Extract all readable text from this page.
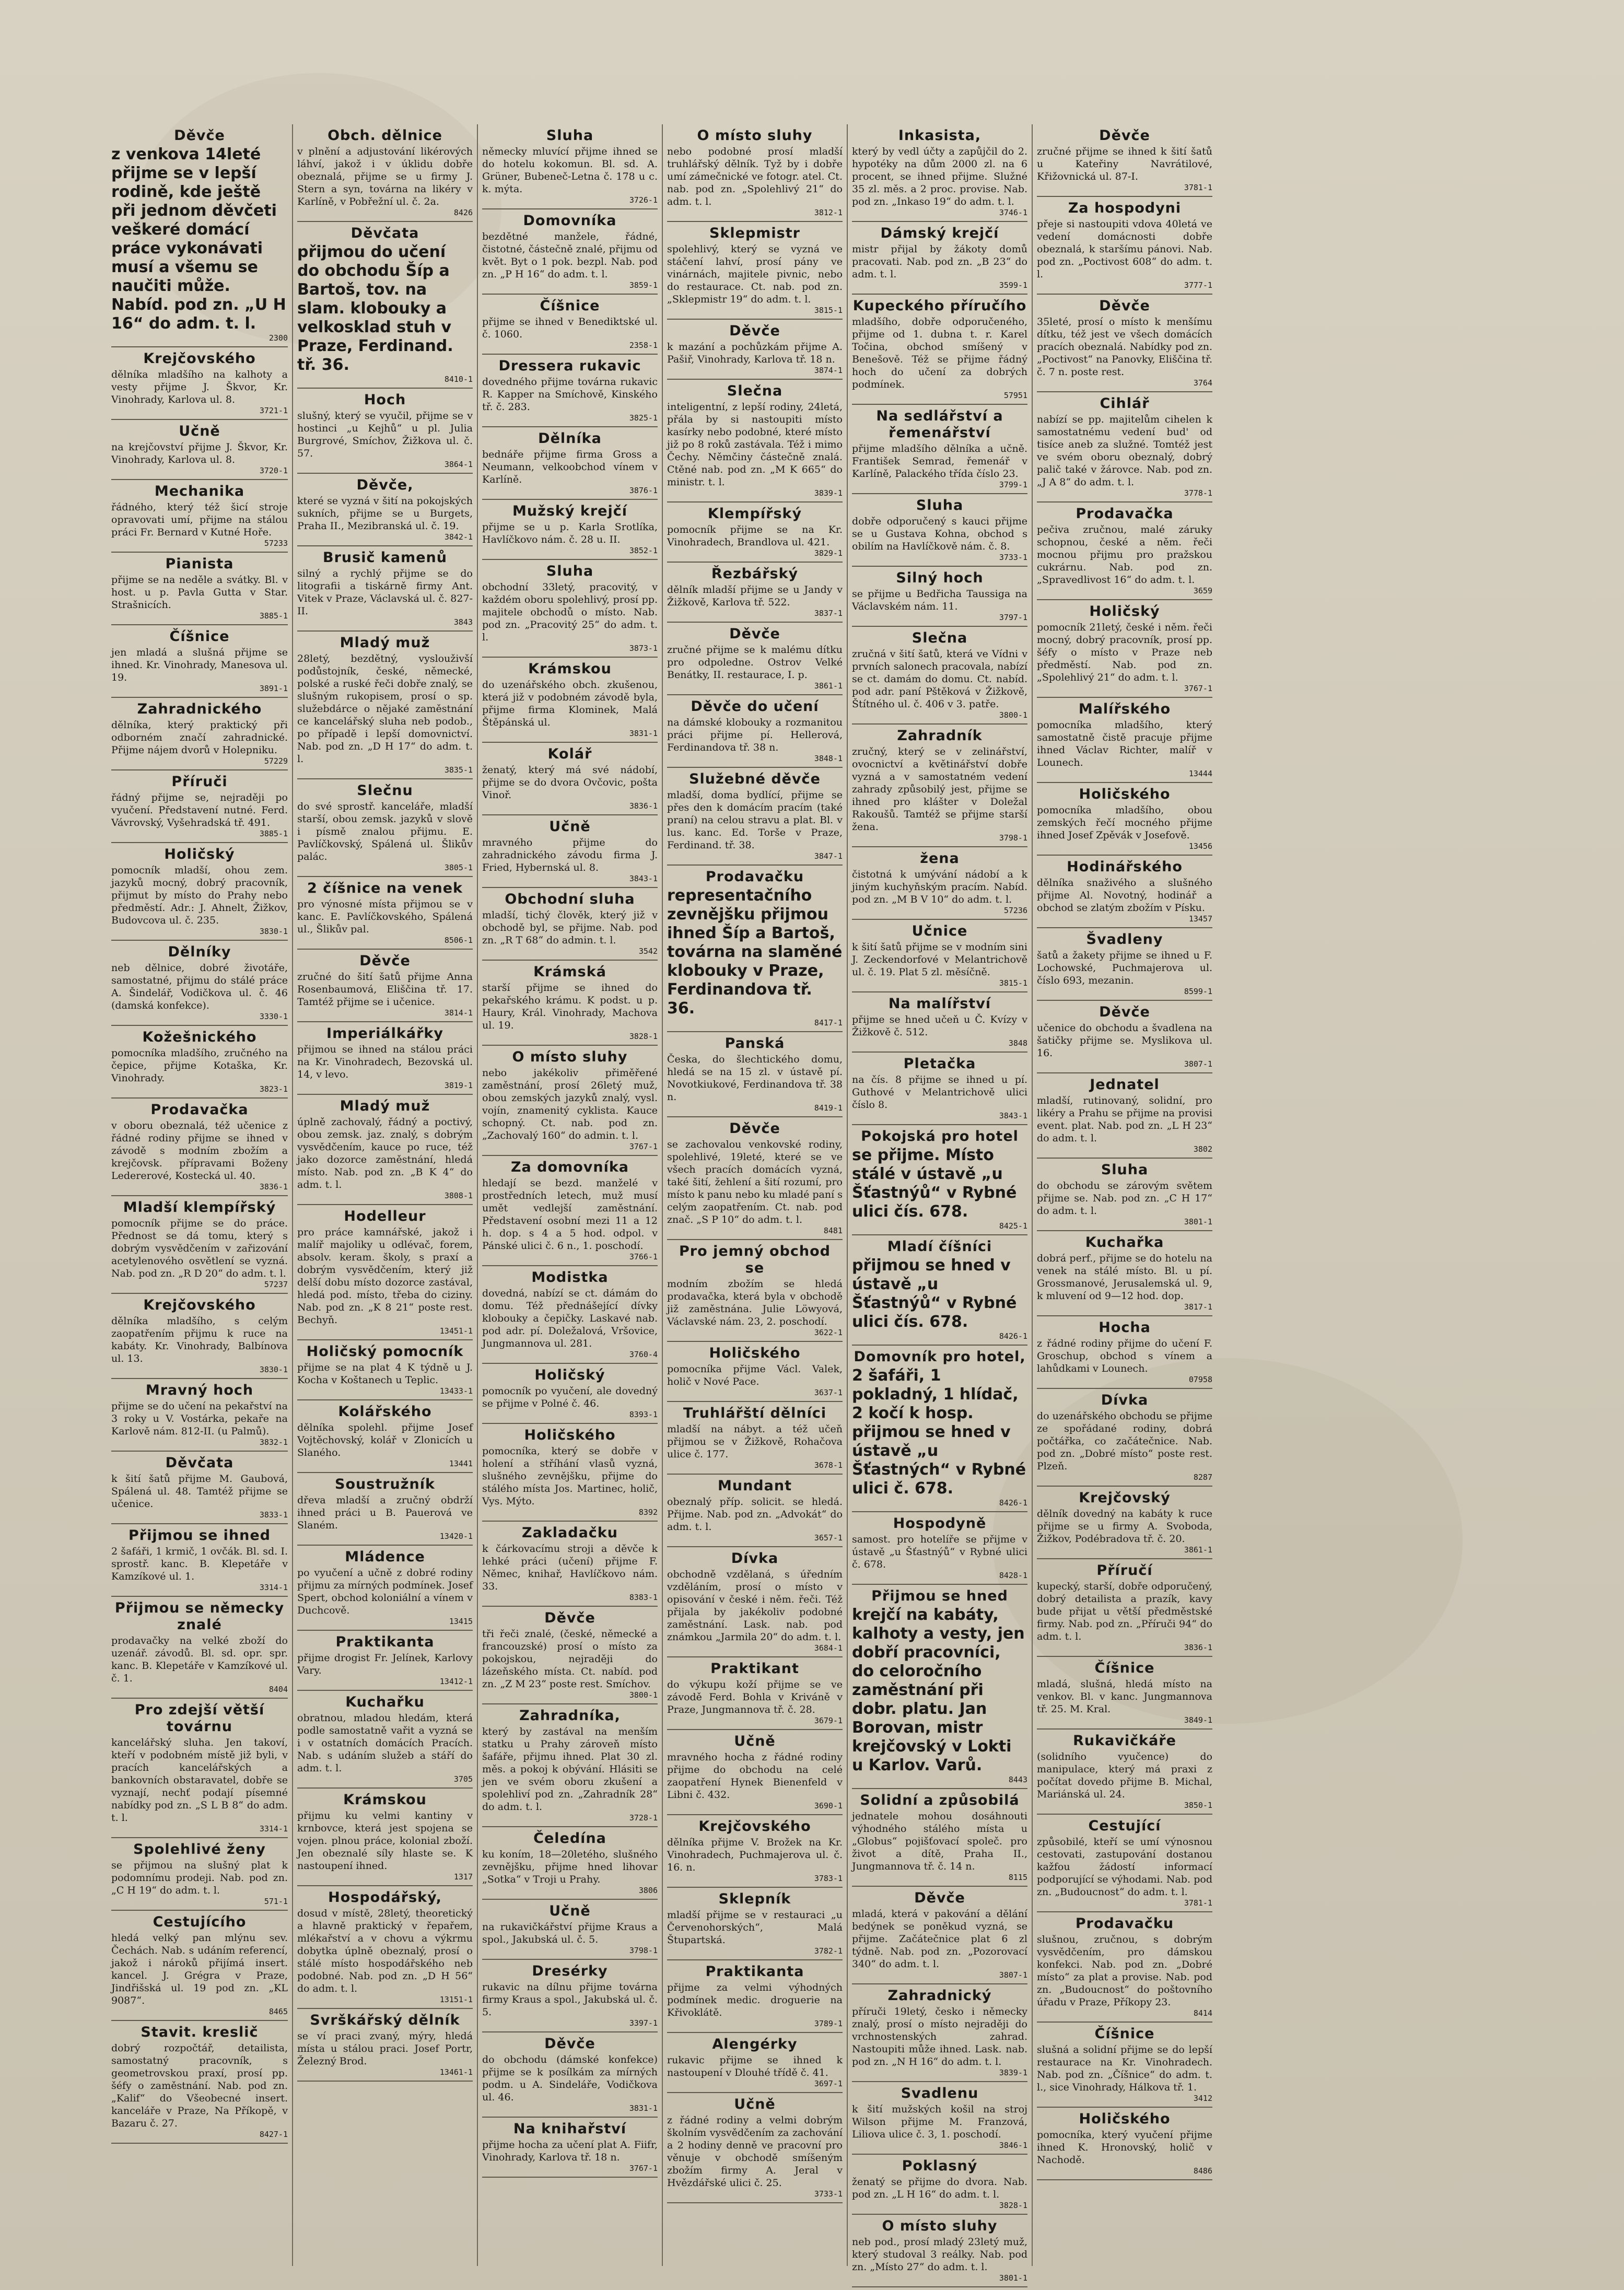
Děvče
z venkova 14leté přijme se v lepší rodině, kde ještě při jednom děvčeti veškeré domácí práce vykonávati musí a všemu se naučiti může. Nabíd. pod zn. „U H 16“ do adm. t. l.
2300
Krejčovského
dělníka mladšího na kalhoty a vesty přijme J. Škvor, Kr. Vinohrady, Karlova ul. 8.
3721-1
Učně
na krejčovství přijme J. Škvor, Kr. Vinohrady, Karlova ul. 8.
3720-1
Mechanika
řádného, který též šicí stroje opravovati umí, přijme na stálou práci Fr. Bernard v Kutné Hoře.
57233
Pianista
přijme se na neděle a svátky. Bl. v host. u p. Pavla Gutta v Star. Strašnicích.
3885-1
Číšnice
jen mladá a slušná přijme se ihned. Kr. Vinohrady, Manesova ul. 19.
3891-1
Zahradnického
dělníka, který praktický při odborném značí zahradnické. Přijme nájem dvorů v Holepniku.
57229
Příruči
řádný přijme se, nejraději po vyučení. Představení nutné. Ferd. Vávrovský, Vyšehradská tř. 491.
3885-1
Holičský
pomocník mladší, ohou zem. jazyků mocný, dobrý pracovník, přijmut by místo do Prahy nebo předměstí. Adr.: J. Ahnelt, Žižkov, Budovcova ul. č. 235.
3830-1
Dělníky
neb dělnice, dobré životáře, samostatné, přijmu do stálé práce A. Šindelář, Vodičkova ul. č. 46 (damská konfekce).
3330-1
Kožešnického
pomocníka mladšího, zručného na čepice, přijme Kotaška, Kr. Vinohrady.
3823-1
Prodavačka
v oboru obeznalá, též učenice z řádné rodiny přijme se ihned v závodě s modním zbožím a krejčovsk. přípravami Boženy Ledererové, Kostecká ul. 40.
3836-1
Mladší klempířský
pomocník přijme se do práce. Přednost se dá tomu, který s dobrým vysvědčením v zařizování acetylenového osvětlení se vyzná. Nab. pod zn. „R D 20“ do adm. t. l.
57237
Krejčovského
dělníka mladšího, s celým zaopatřením přijmu k ruce na kabáty. Kr. Vinohrady, Balbínova ul. 13.
3830-1
Mravný hoch
přijme se do učení na pekařství na 3 roky u V. Vostárka, pekaře na Karlově nám. 812-II. (u Palmů).
3832-1
Děvčata
k šití šatů přijme M. Gaubová, Spálená ul. 48. Tamtéž přijme se učenice.
3833-1
Přijmou se ihned
2 šafáři, 1 krmič, 1 ovčák. Bl. sd. I. sprostř. kanc. B. Klepetáře v Kamzíkové ul. 1.
3314-1
Přijmou se německy znalé
prodavačky na velké zboží do uzenář. závodů. Bl. sd. opr. spr. kanc. B. Klepetáře v Kamzíkové ul. č. 1.
8404
Pro zdejší větší továrnu
kancelářský sluha. Jen takoví, kteří v podobném místě již byli, v pracích kancelářských a bankovních obstaravatel, dobře se vyznají, nechť podají písemné nabídky pod zn. „S L B 8“ do adm. t. l.
3314-1
Spolehlivé ženy
se přijmou na slušný plat k podomnímu prodeji. Nab. pod zn. „C H 19“ do adm. t. l.
571-1
Cestujícího
hledá velký pan mlýnu sev. Čechách. Nab. s udáním referencí, jakož i nároků přijímá insert. kancel. J. Grégra v Praze, Jindřišská ul. 19 pod zn. „KL 9087“.
8465
Stavit. kreslič
dobrý rozpočtář, detailista, samostatný pracovník, s geometrovskou praxí, prosí pp. šéfy o zaměstnání. Nab. pod zn. „Kalif“ do Všeobecné insert. kanceláře v Praze, Na Příkopě, v Bazaru č. 27.
8427-1
Obch. dělnice
v plnění a adjustování likérových láhví, jakož i v úklidu dobře obeznalá, přijme se u firmy J. Stern a syn, továrna na likéry v Karlíně, v Pobřežní ul. č. 2a.
8426
Děvčata
přijmou do učení do obchodu Šíp a Bartoš, tov. na slam. klobouky a velkosklad stuh v Praze, Ferdinand. tř. 36.
8410-1
Hoch
slušný, který se vyučil, přijme se v hostinci „u Kejhů“ u pl. Julia Burgrové, Smíchov, Žižkova ul. č. 57.
3864-1
Děvče,
které se vyzná v šití na pokojských sukních, přijme se u Burgets, Praha II., Mezibranská ul. č. 19.
3842-1
Brusič kamenů
silný a rychlý přijme se do litografii a tiskárně firmy Ant. Vitek v Praze, Václavská ul. č. 827-II.
3843
Mladý muž
28letý, bezdětný, vyslouživší podůstojník, české, německé, polské a ruské řeči dobře znalý, se slušným rukopisem, prosí o sp. služebdárce o nějaké zaměstnání ce kancelářský sluha neb podob., po případě i lepší domovnictví. Nab. pod zn. „D H 17“ do adm. t. l.
3835-1
Slečnu
do své sprostř. kanceláře, mladší starší, obou zemsk. jazyků v slově i písmě znalou přijmu. E. Pavlíčkovský, Spálená ul. Šlikův palác.
3805-1
2 číšnice na venek
pro výnosné místa přijmou se v kanc. E. Pavlíčkovského, Spálená ul., Šlikův pal.
8506-1
Děvče
zručné do šití šatů přijme Anna Rosenbaumová, Eliščina tř. 17. Tamtéž přijme se i učenice.
3814-1
Imperiálkářky
přijmou se ihned na stálou práci na Kr. Vinohradech, Bezovská ul. 14, v levo.
3819-1
Mladý muž
úplně zachovalý, řádný a poctivý, obou zemsk. jaz. znalý, s dobrým vysvědčením, kauce po ruce, též jako dozorce zaměstnání, hledá místo. Nab. pod zn. „B K 4“ do adm. t. l.
3808-1
Hodelleur
pro práce kamnářské, jakož i malíř majoliky u odlévač, forem, absolv. keram. školy, s praxí a dobrým vysvědčením, který již delší dobu místo dozorce zastával, hledá pod. místo, třeba do ciziny. Nab. pod zn. „K 8 21“ poste rest. Bechyň.
13451-1
Holičský pomocník
přijme se na plat 4 K týdně u J. Kocha v Koštanech u Teplic.
13433-1
Kolářského
dělníka spolehl. přijme Josef Vojtěchovský, kolář v Zlonicích u Slaného.
13441
Soustružník
dřeva mladší a zručný obdrží ihned práci u B. Pauerová ve Slaném.
13420-1
Mládence
po vyučení a učně z dobré rodiny přijmu za mírných podmínek. Josef Spert, obchod koloniální a vínem v Duchcově.
13415
Praktikanta
přijme drogist Fr. Jelínek, Karlovy Vary.
13412-1
Kuchařku
obratnou, mladou hledám, která podle samostatně vařit a vyzná se i v ostatních domácích Pracích. Nab. s udáním služeb a stáří do adm. t. l.
3705
Krámskou
přijmu ku velmi kantiny v krnbovce, která jest spojena se vojen. plnou práce, kolonial zboží. Jen obeznalé síly hlaste se. K nastoupení ihned.
1317
Hospodářský,
dosud v místě, 28letý, theoretický a hlavně praktický v řepařem, mlékařství a v chovu a výkrmu dobytka úplně obeznalý, prosí o stálé místo hospodářského neb podobné. Nab. pod zn. „D H 56“ do adm. t. l.
13151-1
Svrškářský dělník
se ví praci zvaný, mýry, hledá místa u stálou praci. Josef Portr, Železný Brod.
13461-1
Sluha
německy mluvící přijme ihned se do hotelu kokomun. Bl. sd. A. Grüner, Bubeneč-Letna č. 178 u c. k. mýta.
3726-1
Domovníka
bezdětné manžele, řádné, čistotné, částečně znalé, přijmu od květ. Byt o 1 pok. bezpl. Nab. pod zn. „P H 16“ do adm. t. l.
3859-1
Číšnice
přijme se ihned v Benediktské ul. č. 1060.
2358-1
Dressera rukavic
dovedného přijme továrna rukavic R. Kapper na Smíchově, Kinského tř. č. 283.
3825-1
Dělníka
bednáře přijme firma Gross a Neumann, velkoobchod vínem v Karlíně.
3876-1
Mužský krejčí
přijme se u p. Karla Srotlíka, Havlíčkovo nám. č. 28 u. II.
3852-1
Sluha
obchodní 33letý, pracovitý, v každém oboru spolehlivý, prosí pp. majitele obchodů o místo. Nab. pod zn. „Pracovitý 25“ do adm. t. l.
3873-1
Krámskou
do uzenářského obch. zkušenou, která již v podobném závodě byla, přijme firma Klominek, Malá Štěpánská ul.
3831-1
Kolář
ženatý, který má své nádobí, přijme se do dvora Ovčovic, pošta Vinoř.
3836-1
Učně
mravného přijme do zahradnického závodu firma J. Fried, Hybernská ul. 8.
3843-1
Obchodní sluha
mladší, tichý člověk, který již v obchodě byl, se přijme. Nab. pod zn. „R T 68“ do admin. t. l.
3542
Krámská
starší přijme se ihned do pekařského krámu. K podst. u p. Haury, Král. Vinohrady, Machova ul. 19.
3828-1
O místo sluhy
nebo jakékoliv přiměřené zaměstnání, prosí 26letý muž, obou zemských jazyků znalý, vysl. vojín, znamenitý cyklista. Kauce schopný. Ct. nab. pod zn. „Zachovalý 160“ do admin. t. l.
3767-1
Za domovníka
hledají se bezd. manželé v prostředních letech, muž musí umět vedlejší zaměstnání. Představení osobní mezi 11 a 12 h. dop. s 4 a 5 hod. odpol. v Pánské ulici č. 6 n., 1. poschodí.
3766-1
Modistka
dovedná, nabízí se ct. dámám do domu. Též přednášející dívky klobouky a čepičky. Laskavé nab. pod adr. pí. Doležalová, Vršovice, Jungmannova ul. 281.
3760-4
Holičský
pomocník po vyučení, ale dovedný se přijme v Polné č. 46.
8393-1
Holičského
pomocníka, který se dobře v holení a stříhání vlasů vyzná, slušného zevnějšku, přijme do stálého místa Jos. Martinec, holič, Vys. Mýto.
8392
Zakladačku
k čárkovacímu stroji a děvče k lehké práci (učení) přijme F. Němec, knihař, Havlíčkovo nám. 33.
8383-1
Děvče
tři řeči znalé, (české, německé a francouzské) prosí o místo za pokojskou, nejraději do lázeňského místa. Ct. nabíd. pod zn. „Z M 23“ poste rest. Smíchov.
3800-1
Zahradníka,
který by zastával na menším statku u Prahy zároveň místo šafáře, přijmu ihned. Plat 30 zl. měs. a pokoj k obývání. Hlásiti se jen ve svém oboru zkušení a spolehliví pod zn. „Zahradník 28“ do adm. t. l.
3728-1
Čeledína
ku koním, 18—20letého, slušného zevnějšku, přijme hned lihovar „Sotka“ v Troji u Prahy.
3806
Učně
na rukavičkářství přijme Kraus a spol., Jakubská ul. č. 5.
3798-1
Dresérky
rukavic na dílnu přijme továrna firmy Kraus a spol., Jakubská ul. č. 5.
3397-1
Děvče
do obchodu (dámské konfekce) přijme se k posílkám za mírných podm. u A. Sindeláře, Vodičkova ul. 46.
3831-1
Na knihařství
přijme hocha za učení plat A. Fiifr, Vinohrady, Karlova tř. 18 n.
3767-1
O místo sluhy
nebo podobné prosí mladší truhlářský dělník. Tyž by i dobře umí zámečnické ve fotogr. atel. Ct. nab. pod zn. „Spolehlivý 21“ do adm. t. l.
3812-1
Sklepmistr
spolehlivý, který se vyzná ve stáčení lahví, prosí pány ve vinárnách, majitele pivnic, nebo do restaurace. Ct. nab. pod zn. „Sklepmistr 19“ do adm. t. l.
3815-1
Děvče
k mazání a pochůzkám přijme A. Pašiř, Vinohrady, Karlova tř. 18 n.
3874-1
Slečna
inteligentní, z lepší rodiny, 24letá, přála by si nastoupiti místo kasírky nebo podobné, které místo již po 8 roků zastávala. Též i mimo Čechy. Němčiny částečně znalá. Ctěné nab. pod zn. „M K 665“ do ministr. t. l.
3839-1
Klempířský
pomocník přijme se na Kr. Vinohradech, Brandlova ul. 421.
3829-1
Řezbářský
dělník mladší přijme se u Jandy v Žižkově, Karlova tř. 522.
3837-1
Děvče
zručné přijme se k malému dítku pro odpoledne. Ostrov Velké Benátky, II. restaurace, I. p.
3861-1
Děvče do učení
na dámské klobouky a rozmanitou práci přijme pí. Hellerová, Ferdinandova tř. 38 n.
3848-1
Služebné děvče
mladší, doma bydlící, přijme se přes den k domácím pracím (také praní) na celou stravu a plat. Bl. v lus. kanc. Ed. Torše v Praze, Ferdinand. tř. 38.
3847-1
Prodavačku
representačního zevnějšku přijmou ihned Šíp a Bartoš, továrna na slaměné klobouky v Praze, Ferdinandova tř. 36.
8417-1
Panská
Česka, do šlechtického domu, hledá se na 15 zl. v ústavě pí. Novotkiukové, Ferdinandova tř. 38 n.
8419-1
Děvče
se zachovalou venkovské rodiny, spolehlivé, 19leté, které se ve všech pracích domácích vyzná, také šití, žehlení a šití rozumí, pro místo k panu nebo ku mladé paní s celým zaopatřením. Ct. nab. pod znač. „S P 10“ do adm. t. l.
8481
Pro jemný obchod se
modním zbožím se hledá prodavačka, která byla v obchodě již zaměstnána. Julie Löwyová, Václavské nám. 23, 2. poschodí.
3622-1
Holičského
pomocníka přijme Václ. Valek, holič v Nové Pace.
3637-1
Truhlářští dělníci
mladší na nábyt. a též učeň přijmou se v Žižkově, Rohačova ulice č. 177.
3678-1
Mundant
obeznalý příp. solicit. se hledá. Přijme. Nab. pod zn. „Advokát“ do adm. t. l.
3657-1
Dívka
obchodně vzdělaná, s úředním vzděláním, prosí o místo v opisování v české i něm. řeči. Též přijala by jakékoliv podobné zaměstnání. Lask. nab. pod známkou „Jarmila 20“ do adm. t. l.
3684-1
Praktikant
do výkupu koží přijme se ve závodě Ferd. Bohla v Kriváně v Praze, Jungmannova tř. č. 28.
3679-1
Učně
mravného hocha z řádné rodiny přijme do obchodu na celé zaopatření Hynek Bienenfeld v Libni č. 432.
3690-1
Krejčovského
dělníka přijme V. Brožek na Kr. Vinohradech, Puchmajerova ul. č. 16. n.
3783-1
Sklepník
mladší přijme se v restauraci „u Červenohorských“, Malá Štupartská.
3782-1
Praktikanta
přijme za velmi výhodných podmínek medic. droguerie na Křivoklátě.
3789-1
Alengérky
rukavic přijme se ihned k nastoupení v Dlouhé třídě č. 41.
3697-1
Učně
z řádné rodiny a velmi dobrým školním vysvědčením za zachování a 2 hodiny denně ve pracovní pro věnuje v obchodě smíšeným zbožím firmy A. Jeral v Hvězdářské ulici č. 25.
3733-1
Inkasista,
který by vedl účty a zapůjčil do 2. hypotéky na dům 2000 zl. na 6 procent, se ihned přijme. Služné 35 zl. měs. a 2 proc. provise. Nab. pod zn. „Inkaso 19“ do adm. t. l.
3746-1
Dámský krejčí
mistr přijal by žákoty domů pracovati. Nab. pod zn. „B 23“ do adm. t. l.
3599-1
Kupeckého příručího
mladšího, dobře odporučeného, přijme od 1. dubna t. r. Karel Točina, obchod smíšený v Benešově. Též se přijme řádný hoch do učení za dobrých podmínek.
57951
Na sedlářství a řemenářství
přijme mladšího dělníka a učně. František Semrad, řemenář v Karlíně, Palackého třída číslo 23.
3799-1
Sluha
dobře odporučený s kauci přijme se u Gustava Kohna, obchod s obilím na Havlíčkově nám. č. 8.
3733-1
Silný hoch
se přijme u Bedřicha Taussiga na Václavském nám. 11.
3797-1
Slečna
zručná v šití šatů, která ve Vídni v prvních salonech pracovala, nabízí se ct. damám do domu. Ct. nabíd. pod adr. paní Pštěková v Žižkově, Štítného ul. č. 406 v 3. patře.
3800-1
Zahradník
zručný, který se v zelinářství, ovocnictví a květinářství dobře vyzná a v samostatném vedení zahrady způsobilý jest, přijme se ihned pro klášter v Doležal Rakoušů. Tamtéž se přijme starší žena.
3798-1
žena
čistotná k umývání nádobí a k jiným kuchyňským pracím. Nabíd. pod zn. „M B V 10“ do adm. t. l.
57236
Učnice
k šití šatů přijme se v modním sini J. Zeckendorfové v Melantrichově ul. č. 19. Plat 5 zl. měsíčně.
3815-1
Na malířství
přijme se hned učeň u Č. Kvízy v Žižkově č. 512.
3848
Pletačka
na čís. 8 přijme se ihned u pí. Guthové v Melantrichově ulici číslo 8.
3843-1
Pokojská pro hotel
se přijme. Místo stálé v ústavě „u Šťastnýů“ v Rybné ulici čís. 678.
8425-1
Mladí číšníci
přijmou se hned v ústavě „u Šťastnýů“ v Rybné ulici čís. 678.
8426-1
Domovník pro hotel,
2 šafáři, 1 pokladný, 1 hlídač, 2 kočí k hosp. přijmou se hned v ústavě „u Šťastných“ v Rybné ulici č. 678.
8426-1
Hospodyně
samost. pro hotelíře se přijme v ústavě „u Šťastnýů“ v Rybné ulici č. 678.
8428-1
Přijmou se hned
krejčí na kabáty, kalhoty a vesty, jen dobří pracovníci, do celoročního zaměstnání při dobr. platu. Jan Borovan, mistr krejčovský v Lokti u Karlov. Varů.
8443
Solidní a způsobilá
jednatele mohou dosáhnouti výhodného stálého místa u „Globus“ pojišťovací společ. pro život a dítě, Praha II., Jungmannova tř. č. 14 n.
8115
Děvče
mladá, která v pakování a dělání bedýnek se poněkud vyzná, se přijme. Začátečnice plat 6 zl týdně. Nab. pod zn. „Pozorovací 340“ do adm. t. l.
3807-1
Zahradnický
příruči 19letý, česko i německy znalý, prosí o místo nejraději do vrchnostenských zahrad. Nastoupiti může ihned. Lask. nab. pod zn. „N H 16“ do adm. t. l.
3839-1
Svadlenu
k šití mužských košil na stroj Wilson přijme M. Franzová, Liliova ulice č. 3, 1. poschodí.
3846-1
Poklasný
ženatý se přijme do dvora. Nab. pod zn. „L H 16“ do adm. t. l.
3828-1
O místo sluhy
neb pod., prosí mladý 23letý muž, který studoval 3 reálky. Nab. pod zn. „Místo 27“ do adm. t. l.
3801-1
Děvče
zručné přijme se ihned k šití šatů u Kateřiny Navrátilové, Křižovnická ul. 87-I.
3781-1
Za hospodyni
přeje si nastoupiti vdova 40letá ve vedení domácnosti dobře obeznalá, k staršímu pánovi. Nab. pod zn. „Poctivost 608“ do adm. t. l.
3777-1
Děvče
35leté, prosí o místo k menšímu dítku, též jest ve všech domácích pracích obeznalá. Nabídky pod zn. „Poctivost“ na Panovky, Eliščina tř. č. 7 n. poste rest.
3764
Cihlář
nabízí se pp. majitelům cihelen k samostatnému vedení bud' od tisíce aneb za služné. Tomtéž jest ve svém oboru obeznalý, dobrý palič také v žárovce. Nab. pod zn. „J A 8“ do adm. t. l.
3778-1
Prodavačka
pečiva zručnou, malé záruky schopnou, české a něm. řeči mocnou přijmu pro pražskou cukrárnu. Nab. pod zn. „Spravedlivost 16“ do adm. t. l.
3659
Holičský
pomocník 21letý, české i něm. řeči mocný, dobrý pracovník, prosí pp. šéfy o místo v Praze neb předměstí. Nab. pod zn. „Spolehlivý 21“ do adm. t. l.
3767-1
Malířského
pomocníka mladšího, který samostatně čistě pracuje přijme ihned Václav Richter, malíř v Lounech.
13444
Holičského
pomocníka mladšího, obou zemských řečí mocného přijme ihned Josef Zpěvák v Josefově.
13456
Hodinářského
dělníka snaživého a slušného přijme Al. Novotný, hodinář a obchod se zlatým zbožím v Písku.
13457
Švadleny
šatů a žakety přijme se ihned u F. Lochowské, Puchmajerova ul. číslo 693, mezanin.
8599-1
Děvče
učenice do obchodu a švadlena na šatičky přijme se. Myslikova ul. 16.
3807-1
Jednatel
mladší, rutinovaný, solidní, pro likéry a Prahu se přijme na provisi event. plat. Nab. pod zn. „L H 23“ do adm. t. l.
3802
Sluha
do obchodu se zárovým světem přijme se. Nab. pod zn. „C H 17“ do adm. t. l.
3801-1
Kuchařka
dobrá perf., přijme se do hotelu na venek na stálé místo. Bl. u pí. Grossmanové, Jerusalemská ul. 9, k mluvení od 9—12 hod. dop.
3817-1
Hocha
z řádné rodiny přijme do učení F. Groschup, obchod s vínem a lahůdkami v Lounech.
07958
Dívka
do uzenářského obchodu se přijme ze spořádané rodiny, dobrá počtářka, co začátečnice. Nab. pod zn. „Dobré místo“ poste rest. Plzeň.
8287
Krejčovský
dělník dovedný na kabáty k ruce přijme se u firmy A. Svoboda, Žižkov, Podébradova tř. č. 20.
3861-1
Příručí
kupecký, starší, dobře odporučený, dobrý detailista a prazík, kavy bude přijat u větší předměstské firmy. Nab. pod zn. „Příruči 94“ do adm. t. l.
3836-1
Číšnice
mladá, slušná, hledá místo na venkov. Bl. v kanc. Jungmannova tř. 25. M. Kral.
3849-1
Rukavičkáře
(solidního vyučence) do manipulace, který má praxi z počítat dovedo přijme B. Michal, Mariánská ul. 24.
3850-1
Cestující
způsobilé, kteří se umí výnosnou cestovati, zastupování dostanou kažfou žádostí informací podporující se výhodami. Nab. pod zn. „Budoucnost“ do adm. t. l.
3781-1
Prodavačku
slušnou, zručnou, s dobrým vysvědčením, pro dámskou konfekci. Nab. pod zn. „Dobré místo“ za plat a provise. Nab. pod zn. „Budoucnost“ do poštovního úřadu v Praze, Příkopy 23.
8414
Číšnice
slušná a solidní přijme se do lepší restaurace na Kr. Vinohradech. Nab. pod zn. „Číšnice“ do adm. t. l., sice Vinohrady, Hálkova tř. 1.
3412
Holičského
pomocníka, který vyučení přijme ihned K. Hronovský, holič v Nachodě.
8486
